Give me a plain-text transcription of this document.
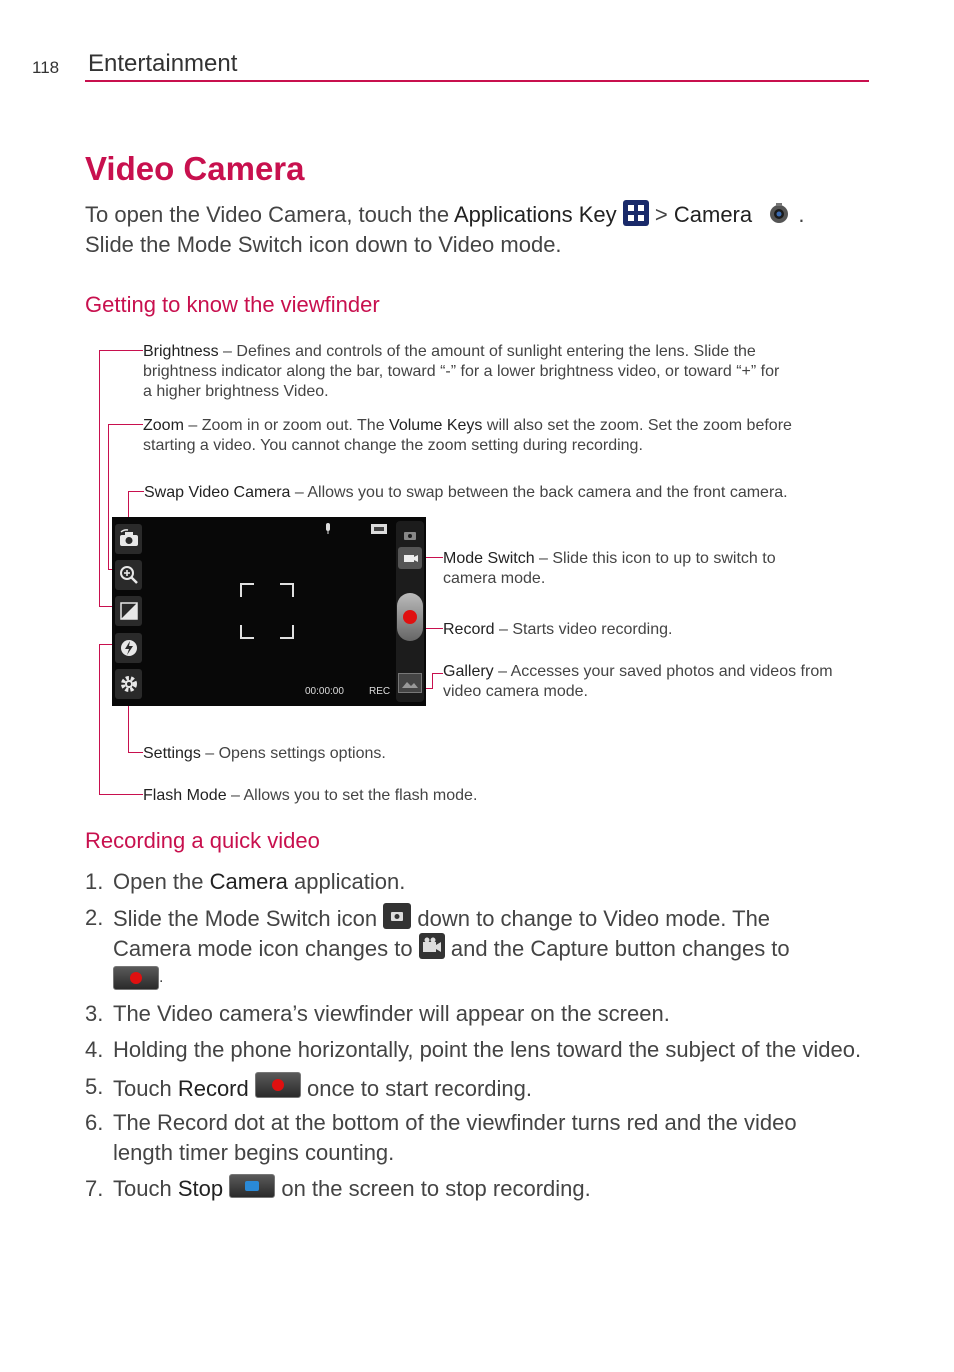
118 Entertainment
Video Camera
To open the Video Camera, touch the Applications Key > Camera .
Slide the Mode Switch icon down to Video mode.
Getting to know the viewfinder
Brightness – Defines and controls of the amount of sunlight entering the lens. Slide the
brightness indicator along the bar, toward “-” for a lower brightness video, or toward “+” for
a higher brightness Video.
Zoom – Zoom in or zoom out. The Volume Keys will also set the zoom. Set the zoom before
starting a video. You cannot change the zoom setting during recording.
Swap Video Camera – Allows you to swap between the back camera and the front camera.
Mode Switch – Slide this icon to up to switch to
camera mode.
Record – Starts video recording.
Gallery – Accesses your saved photos and videos from
video camera mode.
Settings – Opens settings options.
Flash Mode – Allows you to set the flash mode.
00:00:00	REC
Recording a quick video
1. Open the Camera application.
2. Slide the Mode Switch icon  down to change to Video mode. The
Camera mode icon changes to  and the Capture button changes to
.
3. The Video camera’s viewfinder will appear on the screen.
4. Holding the phone horizontally, point the lens toward the subject of the video.
5. Touch Record
once to start recording.
6. The Record dot at the bottom of the viewfinder turns red and the video
length timer begins counting.
7. Touch Stop
on the screen to stop recording.
